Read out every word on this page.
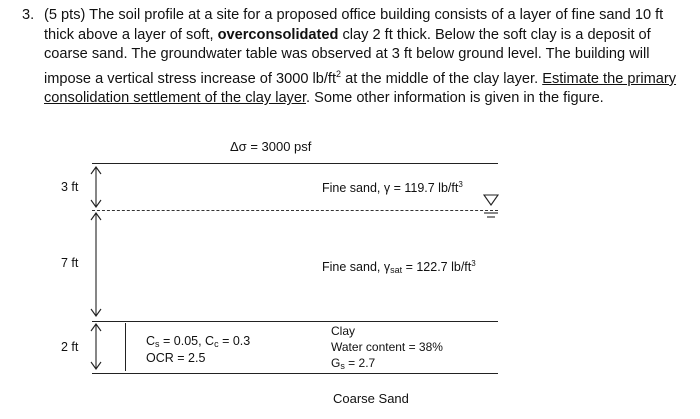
3. (5 pts) The soil profile at a site for a proposed office building consists of a layer of fine sand 10 ft
thick above a layer of soft, overconsolidated clay 2 ft thick. Below the soft clay is a deposit of
coarse sand. The groundwater table was observed at 3 ft below ground level. The building will
impose a vertical stress increase of 3000 $lb/ft^2$ at the middle of the clay layer. Estimate the primary
consolidation settlement of the clay layer. Some other information is given in the figure.
Δσ = 3000 psf
3 ft
7 ft
2 ft
Fine sand, γ = 119.7 $lb/ft^3$
Fine sand, $\gamma_{sat} = 122.7$ $lb/ft^3$
$C_s = 0.05$, $C_c = 0.3$
OCR = 2.5
Clay
Water content = 38%
$G_s = 2.7$
Coarse Sand
